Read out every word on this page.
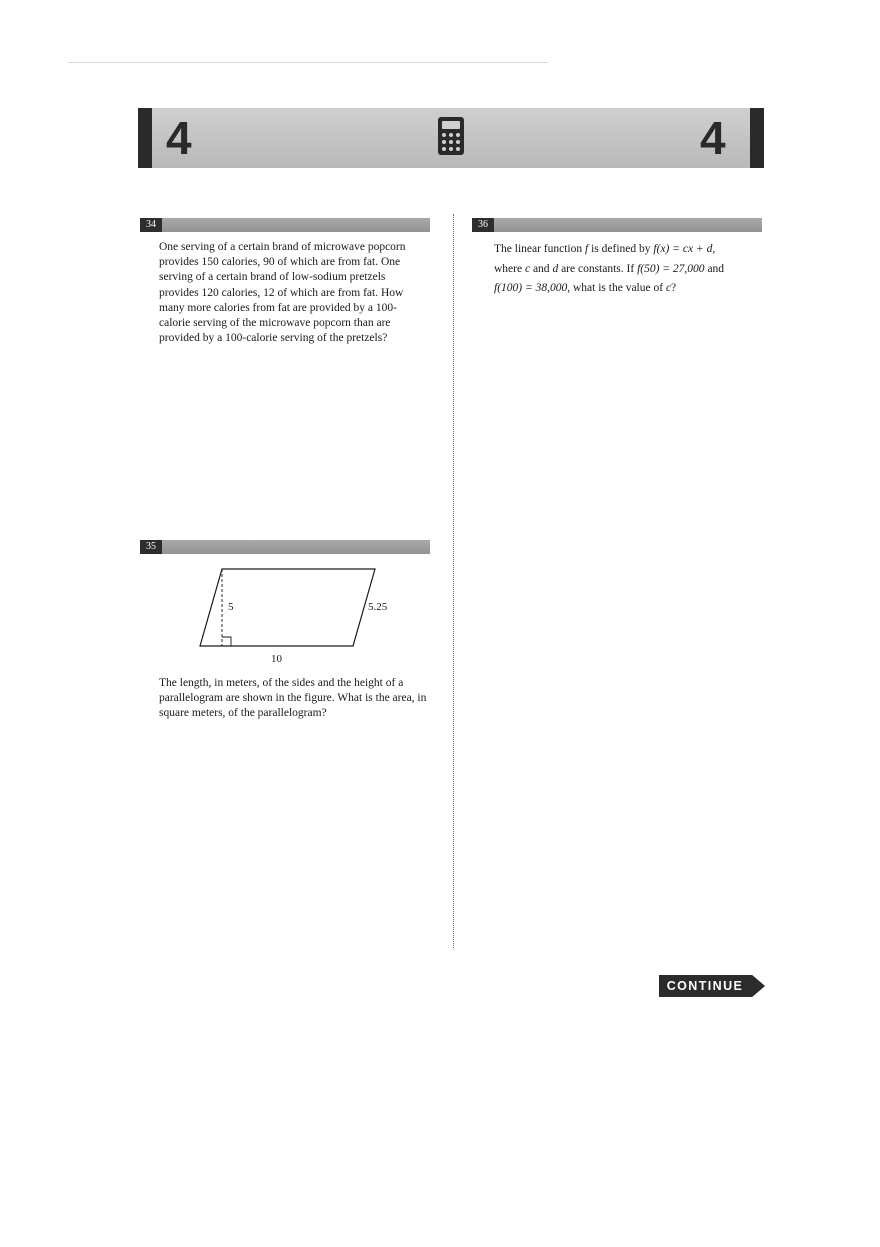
4	4
34

One serving of a certain brand of microwave popcorn provides 150 calories, 90 of which are from fat. One serving of a certain brand of low-sodium pretzels provides 120 calories, 12 of which are from fat. How many more calories from fat are provided by a 100-calorie serving of the microwave popcorn than are provided by a 100-calorie serving of the pretzels?

35
5	5.25
10

The length, in meters, of the sides and the height of a parallelogram are shown in the figure. What is the area, in square meters, of the parallelogram?

36
The linear function f is defined by f(x) = cx + d,
where c and d are constants. If f(50) = 27,000 and
f(100) = 38,000, what is the value of c?
CONTINUE
